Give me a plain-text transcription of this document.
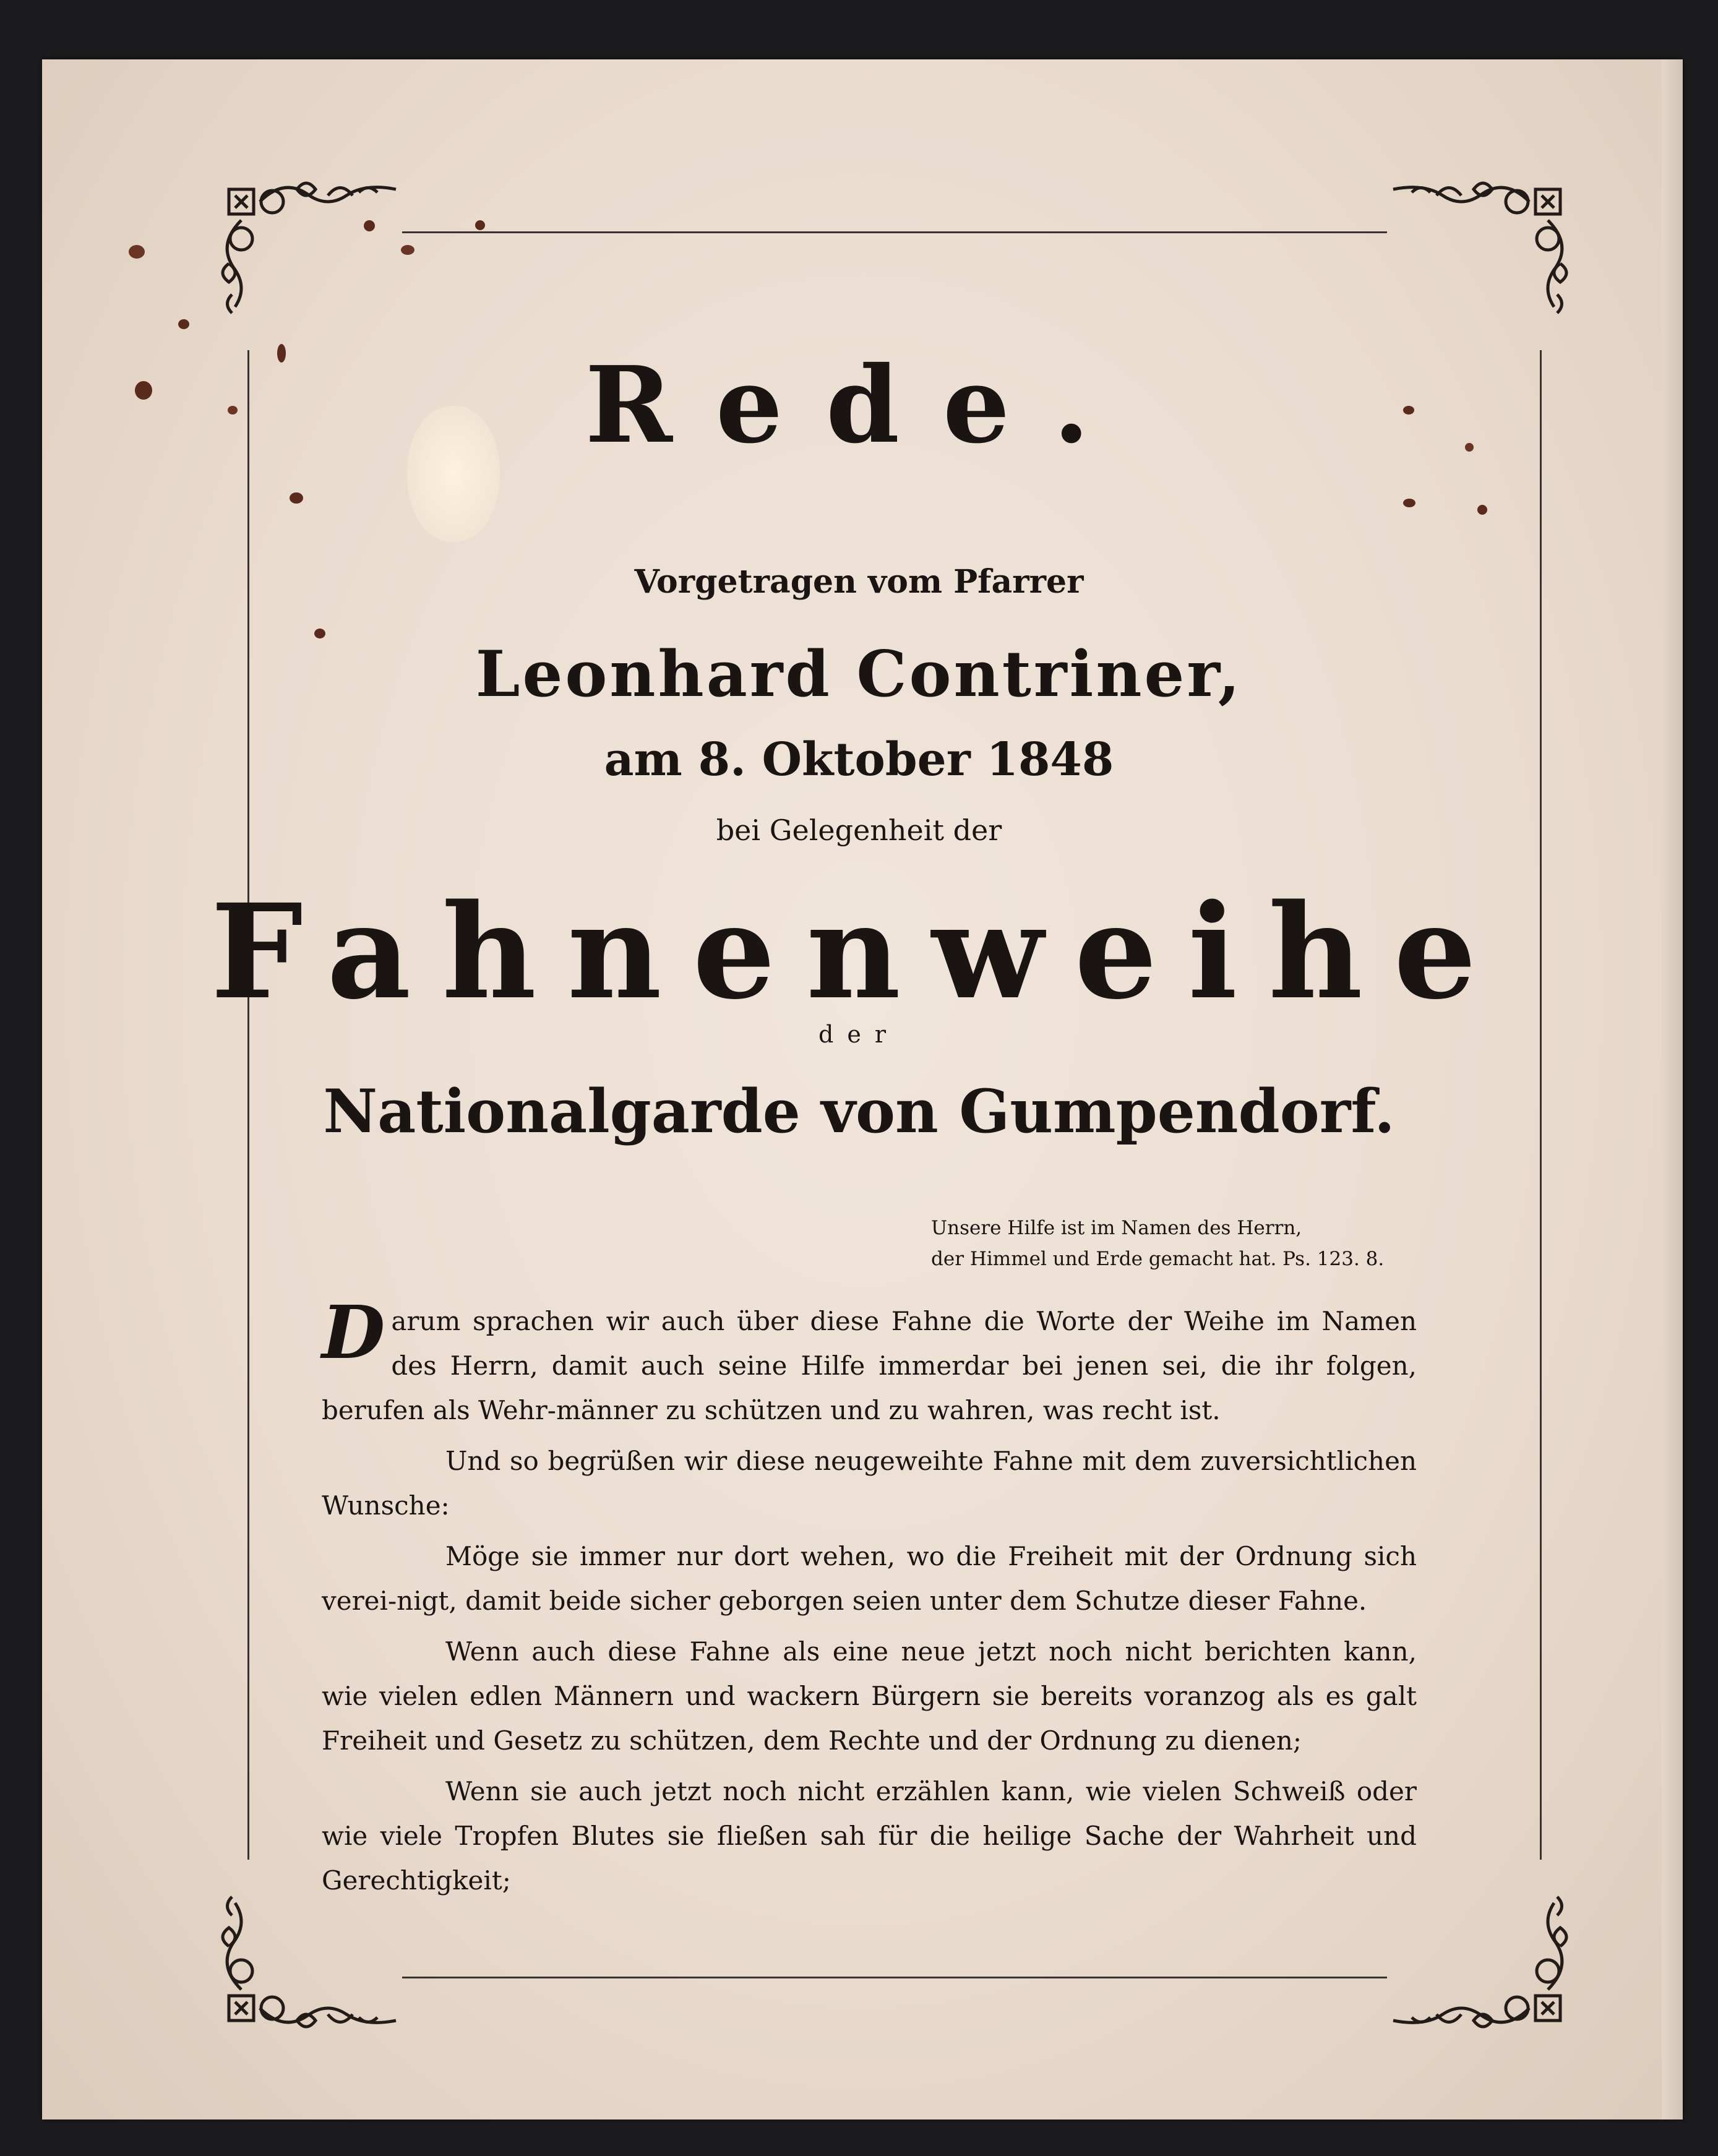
Rede.
Vorgetragen vom Pfarrer
Leonhard Contriner,
am 8. Oktober 1848
bei Gelegenheit der
Fahnenweihe
der
Nationalgarde von Gumpendorf.
Unsere Hilfe ist im Namen des Herrn,
der Himmel und Erde gemacht hat. Ps. 123. 8.

Darum sprachen wir auch über diese Fahne die Worte der Weihe im Namen des Herrn, damit auch seine Hilfe immerdar bei jenen sei, die ihr folgen, berufen als Wehr-männer zu schützen und zu wahren, was recht ist.

Und so begrüßen wir diese neugeweihte Fahne mit dem zuversichtlichen Wunsche:

Möge sie immer nur dort wehen, wo die Freiheit mit der Ordnung sich verei-nigt, damit beide sicher geborgen seien unter dem Schutze dieser Fahne.

Wenn auch diese Fahne als eine neue jetzt noch nicht berichten kann, wie vielen edlen Männern und wackern Bürgern sie bereits voranzog als es galt Freiheit und Gesetz zu schützen, dem Rechte und der Ordnung zu dienen;

Wenn sie auch jetzt noch nicht erzählen kann, wie vielen Schweiß oder wie viele Tropfen Blutes sie fließen sah für die heilige Sache der Wahrheit und Gerechtigkeit;
